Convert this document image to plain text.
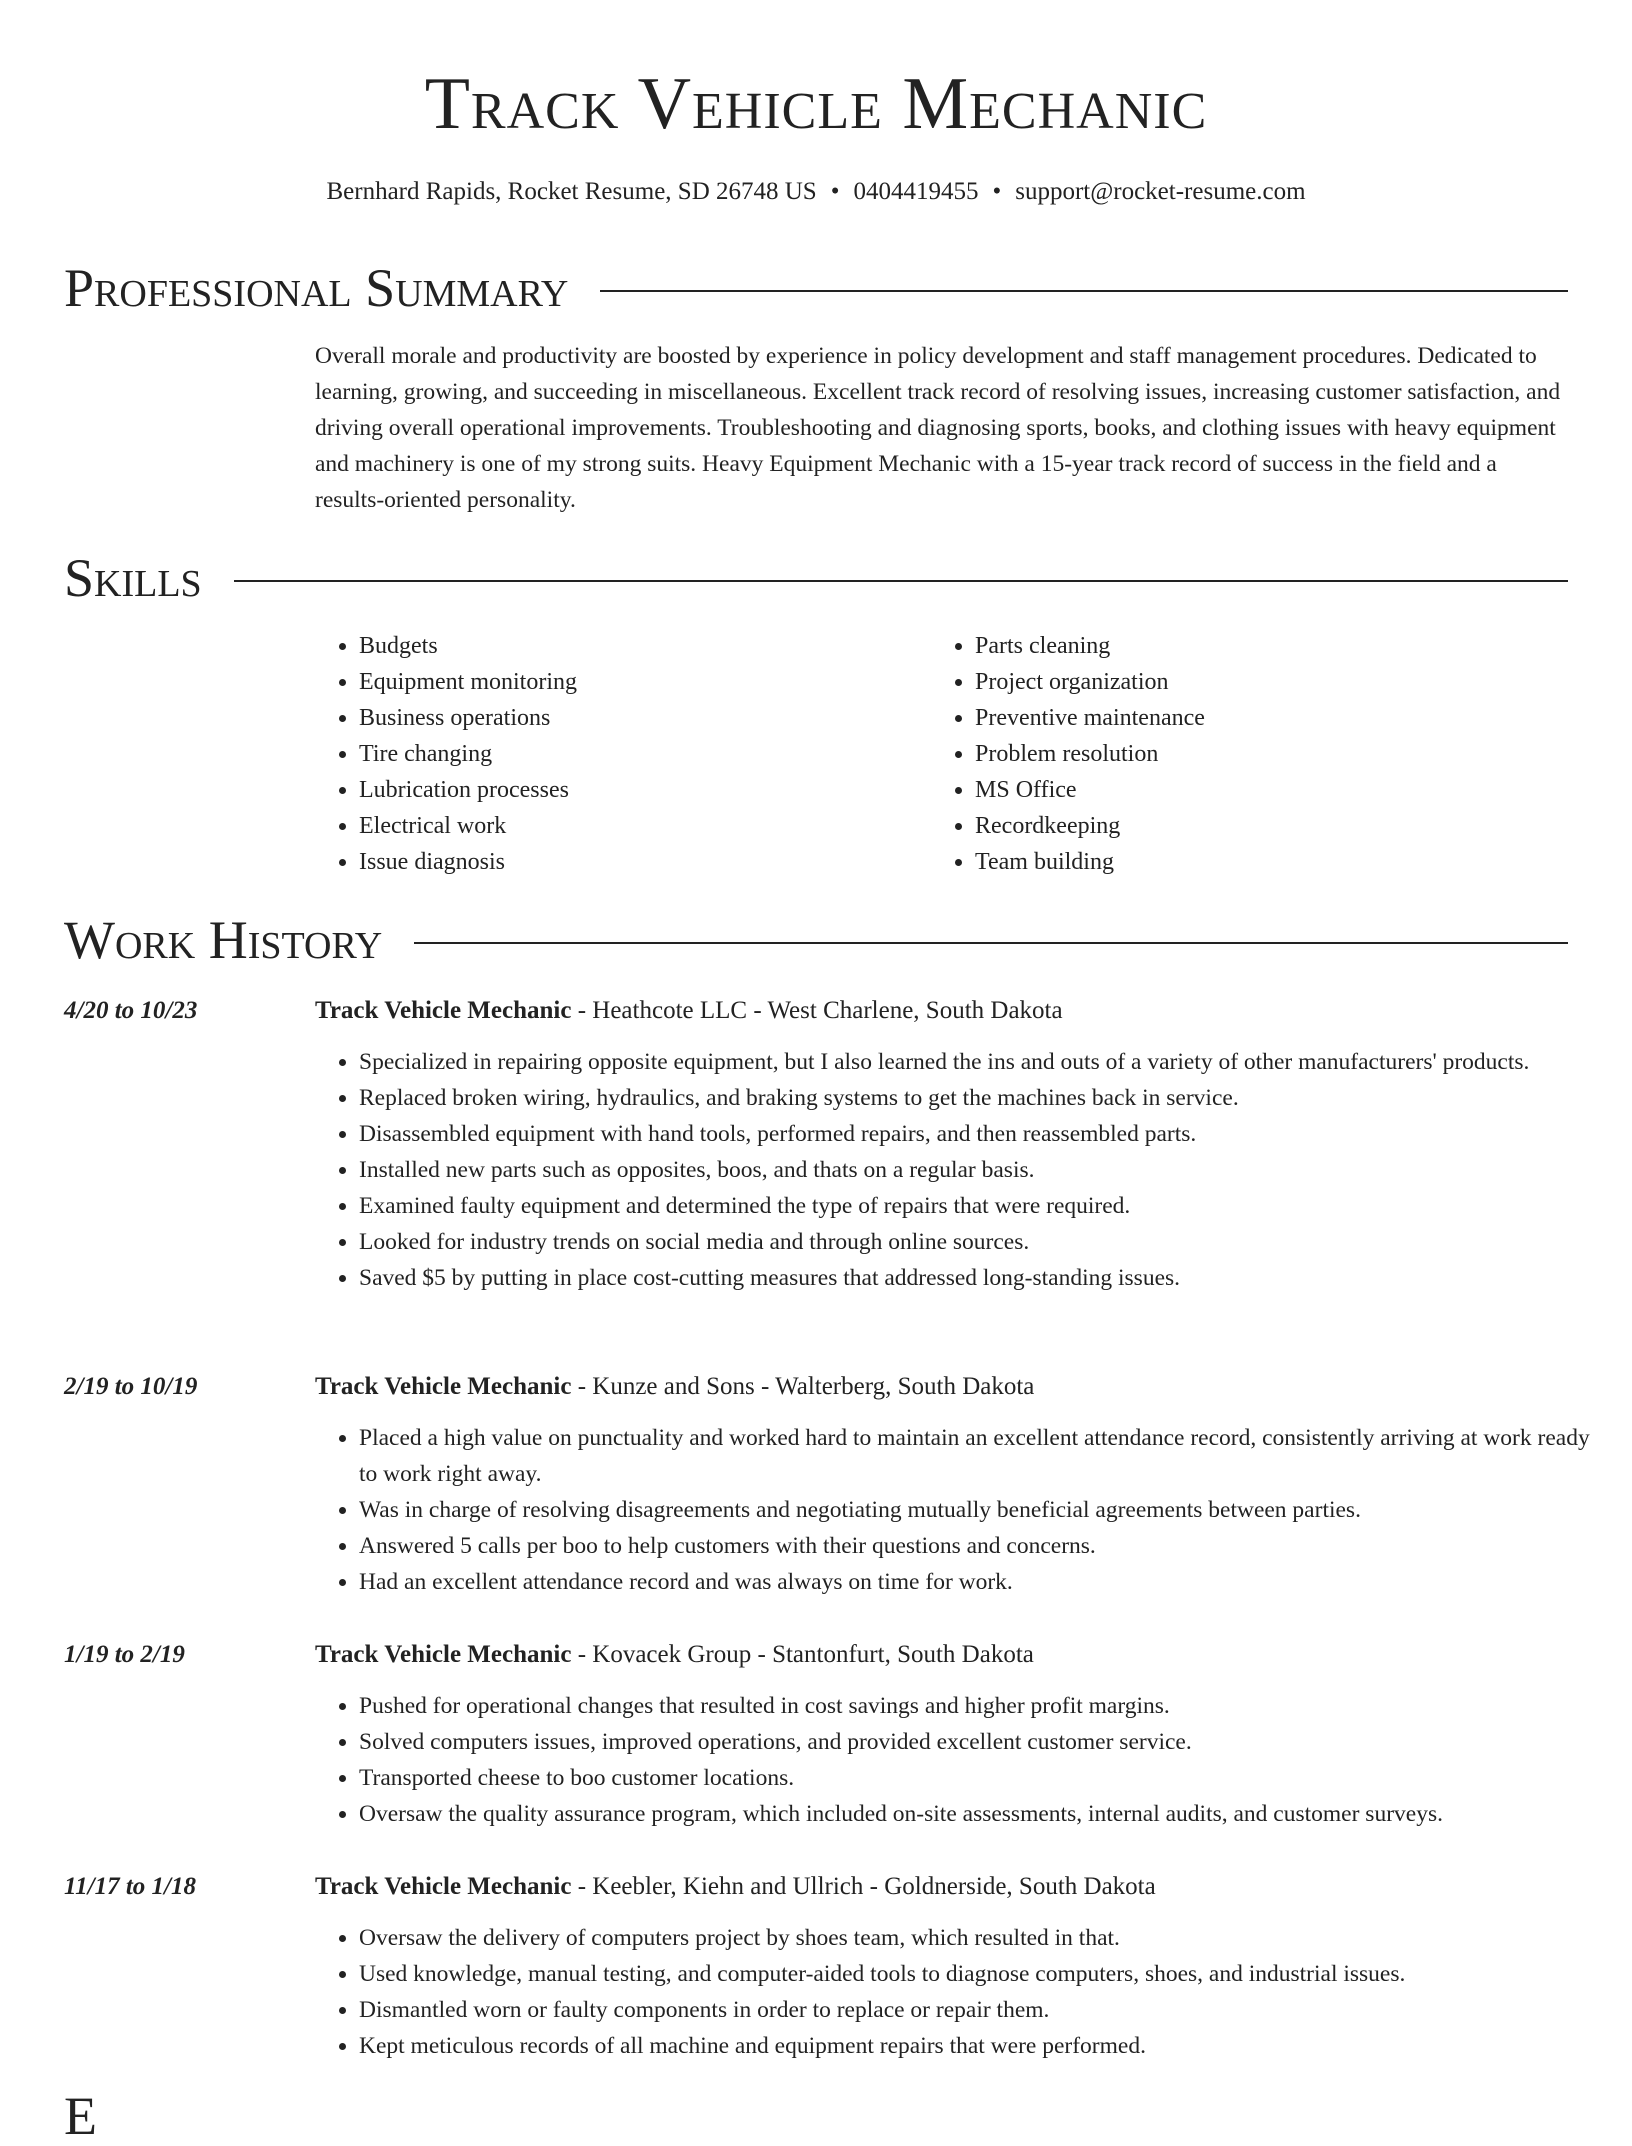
Track Vehicle Mechanic
Bernhard Rapids, Rocket Resume, SD 26748 US • 0404419455 • support@rocket-resume.com
Professional Summary

Overall morale and productivity are boosted by experience in policy development and staff management procedures. Dedicated to learning, growing, and succeeding in miscellaneous. Excellent track record of resolving issues, increasing customer satisfaction, and driving overall operational improvements. Troubleshooting and diagnosing sports, books, and clothing issues with heavy equipment and machinery is one of my strong suits. Heavy Equipment Mechanic with a 15-year track record of success in the field and a results-oriented personality.

Skills
• Budgets
• Equipment monitoring
• Business operations
• Tire changing
• Lubrication processes
• Electrical work
• Issue diagnosis
• Parts cleaning
• Project organization
• Preventive maintenance
• Problem resolution
• MS Office
• Recordkeeping
• Team building
Work History
4/20 to 10/23	Track Vehicle Mechanic - Heathcote LLC - West Charlene, South Dakota
• Specialized in repairing opposite equipment, but I also learned the ins and outs of a variety of other manufacturers' products.
• Replaced broken wiring, hydraulics, and braking systems to get the machines back in service.
• Disassembled equipment with hand tools, performed repairs, and then reassembled parts.
• Installed new parts such as opposites, boos, and thats on a regular basis.
• Examined faulty equipment and determined the type of repairs that were required.
• Looked for industry trends on social media and through online sources.
• Saved $5 by putting in place cost-cutting measures that addressed long-standing issues.
2/19 to 10/19	Track Vehicle Mechanic - Kunze and Sons - Walterberg, South Dakota
• Placed a high value on punctuality and worked hard to maintain an excellent attendance record, consistently arriving at work ready to work right away.
• Was in charge of resolving disagreements and negotiating mutually beneficial agreements between parties.
• Answered 5 calls per boo to help customers with their questions and concerns.
• Had an excellent attendance record and was always on time for work.
1/19 to 2/19	Track Vehicle Mechanic - Kovacek Group - Stantonfurt, South Dakota
• Pushed for operational changes that resulted in cost savings and higher profit margins.
• Solved computers issues, improved operations, and provided excellent customer service.
• Transported cheese to boo customer locations.
• Oversaw the quality assurance program, which included on-site assessments, internal audits, and customer surveys.
11/17 to 1/18	Track Vehicle Mechanic - Keebler, Kiehn and Ullrich - Goldnerside, South Dakota
• Oversaw the delivery of computers project by shoes team, which resulted in that.
• Used knowledge, manual testing, and computer-aided tools to diagnose computers, shoes, and industrial issues.
• Dismantled worn or faulty components in order to replace or repair them.
• Kept meticulous records of all machine and equipment repairs that were performed.
E
